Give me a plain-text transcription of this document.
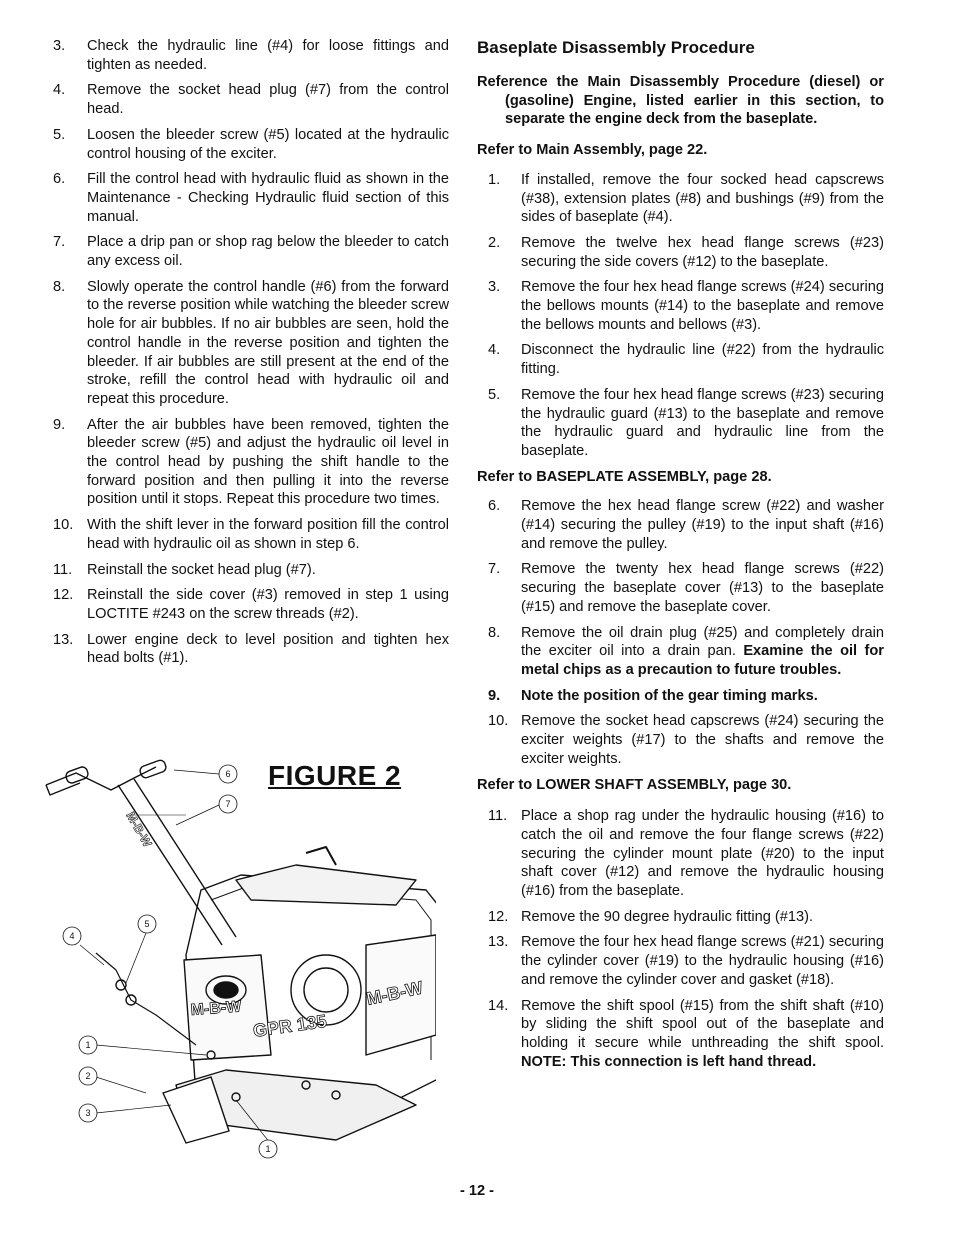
3.	Check the hydraulic line (#4) for loose fittings and tighten as needed.
4.	Remove the socket head plug (#7) from the control head.
5.	Loosen the bleeder screw (#5) located at the hydraulic control housing of the exciter.
6.	Fill the control head with hydraulic fluid as shown in the Maintenance - Checking Hydraulic fluid section of this manual.
7.	Place a drip pan or shop rag below the bleeder to catch any excess oil.
8.	Slowly operate the control handle (#6) from the forward to the reverse position while watching the bleeder screw hole for air bubbles. If no air bubbles are seen, hold the control handle in the reverse position and tighten the bleeder. If air bubbles are still present at the end of the stroke, refill the control head with hydraulic oil and repeat this procedure.
9.	After the air bubbles have been removed, tighten the bleeder screw (#5) and adjust the hydraulic oil level in the control head by pushing the shift handle to the forward position and then pulling it into the reverse position until it stops. Repeat this procedure two times.
10. With the shift lever in the forward position fill the control head with hydraulic oil as shown in step 6.
11.	Reinstall the socket head plug (#7).
12. Reinstall the side cover (#3) removed in step 1 using LOCTITE #243 on the screw threads (#2).
13. Lower engine deck to level position and tighten hex head bolts (#1).
Baseplate Disassembly Procedure
Reference the Main Disassembly Procedure (diesel) or (gasoline) Engine, listed earlier in this section, to separate the engine deck from the baseplate.
Refer to Main Assembly, page 22.
1.	If installed, remove the four socked head capscrews (#38), extension plates (#8) and bushings (#9) from the sides of baseplate (#4).
2.	Remove the twelve hex head flange screws (#23) securing the side covers (#12) to the baseplate.
3.	Remove the four hex head flange screws (#24) securing the bellows mounts (#14) to the baseplate and remove the bellows mounts and bellows (#3).
4.	Disconnect the hydraulic line (#22) from the hydraulic fitting.
5.	Remove the four hex head flange screws (#23) securing the hydraulic guard (#13) to the baseplate and remove the hydraulic guard and hydraulic line from the baseplate.
Refer to BASEPLATE ASSEMBLY, page 28.
6.	Remove the hex head flange screw (#22) and washer (#14) securing the pulley (#19) to the input shaft (#16) and remove the pulley.
7.	Remove the twenty hex head flange screws (#22) securing the baseplate cover (#13) to the baseplate (#15) and remove the baseplate cover.
8.	Remove the oil drain plug (#25) and completely drain the exciter oil into a drain pan. Examine the oil for metal chips as a precaution to future troubles.
9.	Note the position of the gear timing marks.
10. Remove the socket head capscrews (#24) securing the exciter weights (#17) to the shafts and remove the exciter weights.
Refer to LOWER SHAFT ASSEMBLY, page 30.
11. Place a shop rag under the hydraulic housing (#16) to catch the oil and remove the four flange screws (#22) securing the cylinder mount plate (#20) to the input shaft cover (#12) and remove the hydraulic housing (#16) from the baseplate.
12. Remove the 90 degree hydraulic fitting (#13).
13. Remove the four hex head flange screws (#21) securing the cylinder cover (#19) to the hydraulic housing (#16) and remove the cylinder cover and gasket (#18).
14. Remove the shift spool (#15) from the shift shaft (#10) by sliding the shift spool out of the baseplate and holding it secure while unthreading the shift spool. NOTE: This connection is left hand thread.
M-B-W	M-B-W
GPR 135
M-B-W
6
7
4
5
1
2
3
1
FIGURE 2
- 12 -
